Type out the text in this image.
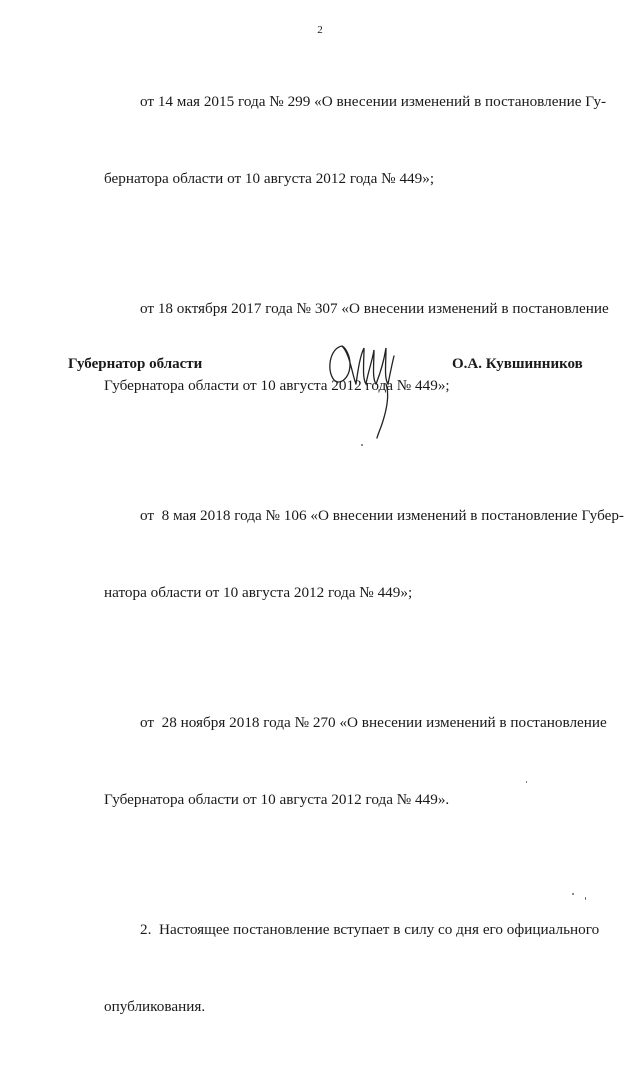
2

от 14 мая 2015 года № 299 «О внесении изменений в постановление Гу-

бернатора области от 10 августа 2012 года № 449»;

от 18 октября 2017 года № 307 «О внесении изменений в постановление

Губернатора области от 10 августа 2012 года № 449»;

от  8 мая 2018 года № 106 «О внесении изменений в постановление Губер-

натора области от 10 августа 2012 года № 449»;

от  28 ноября 2018 года № 270 «О внесении изменений в постановление

Губернатора области от 10 августа 2012 года № 449».

2.  Настоящее постановление вступает в силу со дня его официального

опубликования.

Губернатор области	О.А. Кувшинников
